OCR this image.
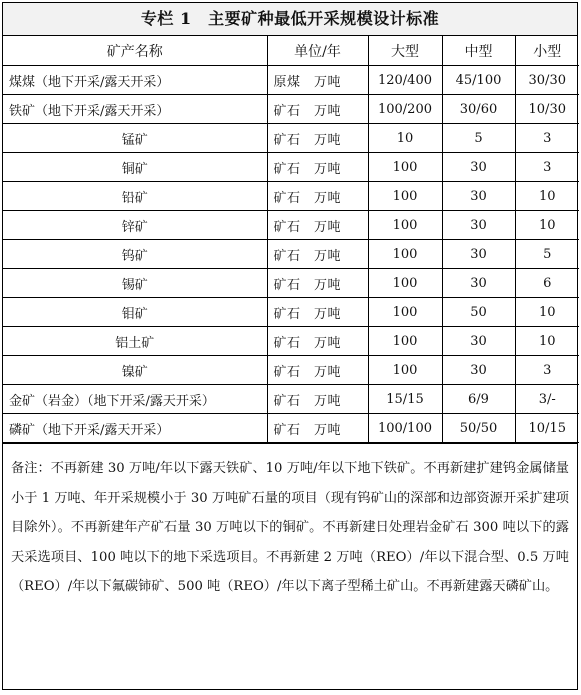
专栏 1　主要矿种最低开采规模设计标准
矿产名称	单位/年	大型	中型	小型
煤煤（地下开采/露天开采）	原煤　万吨	120/400	45/100	30/30
铁矿（地下开采/露天开采）	矿石　万吨	100/200	30/60	10/30
锰矿	矿石　万吨	10	5	3
铜矿	矿石　万吨	100	30	3
铅矿	矿石　万吨	100	30	10
锌矿	矿石　万吨	100	30	10
钨矿	矿石　万吨	100	30	5
锡矿	矿石　万吨	100	30	6
钼矿	矿石　万吨	100	50	10
铝土矿	矿石　万吨	100	30	10
镍矿	矿石　万吨	100	30	3
金矿（岩金）（地下开采/露天开采）	矿石　万吨	15/15	6/9	3/-
磷矿（地下开采/露天开采）	矿石　万吨	100/100	50/50	10/15
备注：不再新建 30 万吨/年以下露天铁矿、10 万吨/年以下地下铁矿。不再新建扩建钨金属储量小于 1 万吨、年开采规模小于 30 万吨矿石量的项目（现有钨矿山的深部和边部资源开采扩建项目除外）。不再新建年产矿石量 30 万吨以下的铜矿。不再新建日处理岩金矿石 300 吨以下的露天采选项目、100 吨以下的地下采选项目。不再新建 2 万吨（REO）/年以下混合型、0.5 万吨（REO）/年以下氟碳铈矿、500 吨（REO）/年以下离子型稀土矿山。不再新建露天磷矿山。
